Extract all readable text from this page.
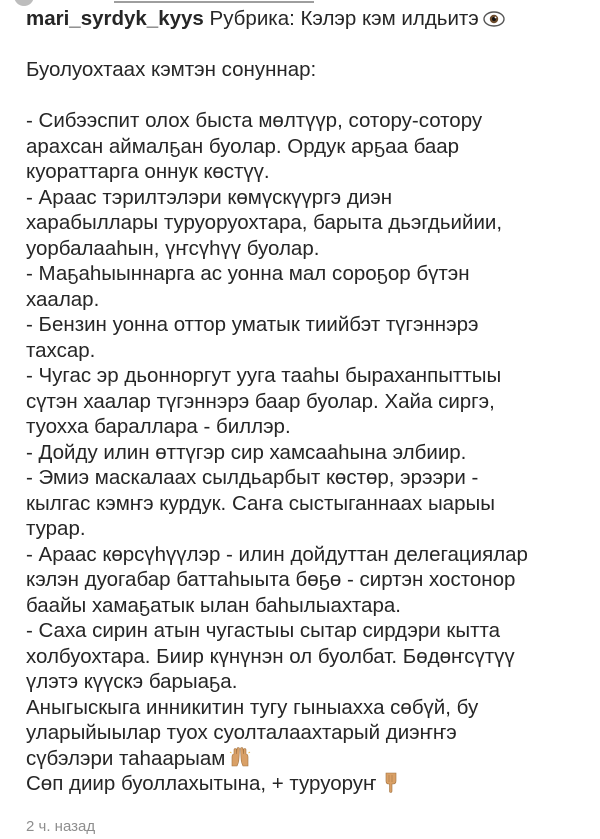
mari_syrdyk_kyys Рубрика: Кэлэр кэм илдьитэ
Буолуохтаах кэмтэн сонуннар:
- Сибээспит олох быста мөлтүүр, сотору-сотору
арахсан аймалҕан буолар. Ордук арҕаа баар
куораттарга оннук көстүү.
- Араас тэрилтэлэри көмүскүүргэ диэн
харабыллары туруоруохтара, барыта дьэгдьийии,
уорбалааһын, үҥсүһүү буолар.
- Маҕаһыыннарга ас уонна мал сороҕор бүтэн
хаалар.
- Бензин уонна оттор уматык тиийбэт түгэннэрэ
тахсар.
- Чугас эр дьонноргут ууга тааһы быраханпыттыы
сүтэн хаалар түгэннэрэ баар буолар. Хайа сиргэ,
туохха бараллара - биллэр.
- Дойду илин өттүгэр сир хамсааһына элбиир.
- Эмиэ маскалаах сылдьарбыт көстөр, эрээри -
кылгас кэмҥэ курдук. Саҥа сыстыганнаах ыарыы
турар.
- Араас көрсүһүүлэр - илин дойдуттан делегациялар
кэлэн дуогабар баттаһыыта бөҕө - сиртэн хостонор
баайы хамаҕатык ылан баһылыахтара.
- Саха сирин атын чугастыы сытар сирдэри кытта
холбуохтара. Биир күнүнэн ол буолбат. Бөдөҥсүтүү
үлэтэ күүскэ барыаҕа.
Аныгыскыга инникитин тугу гыныахха сөбүй, бу
уларыйыылар туох суолталаахтарый диэҥҥэ
сүбэлэри таһаарыам
Сөп диир буоллахытына, + туруоруҥ
2 ч. назад
